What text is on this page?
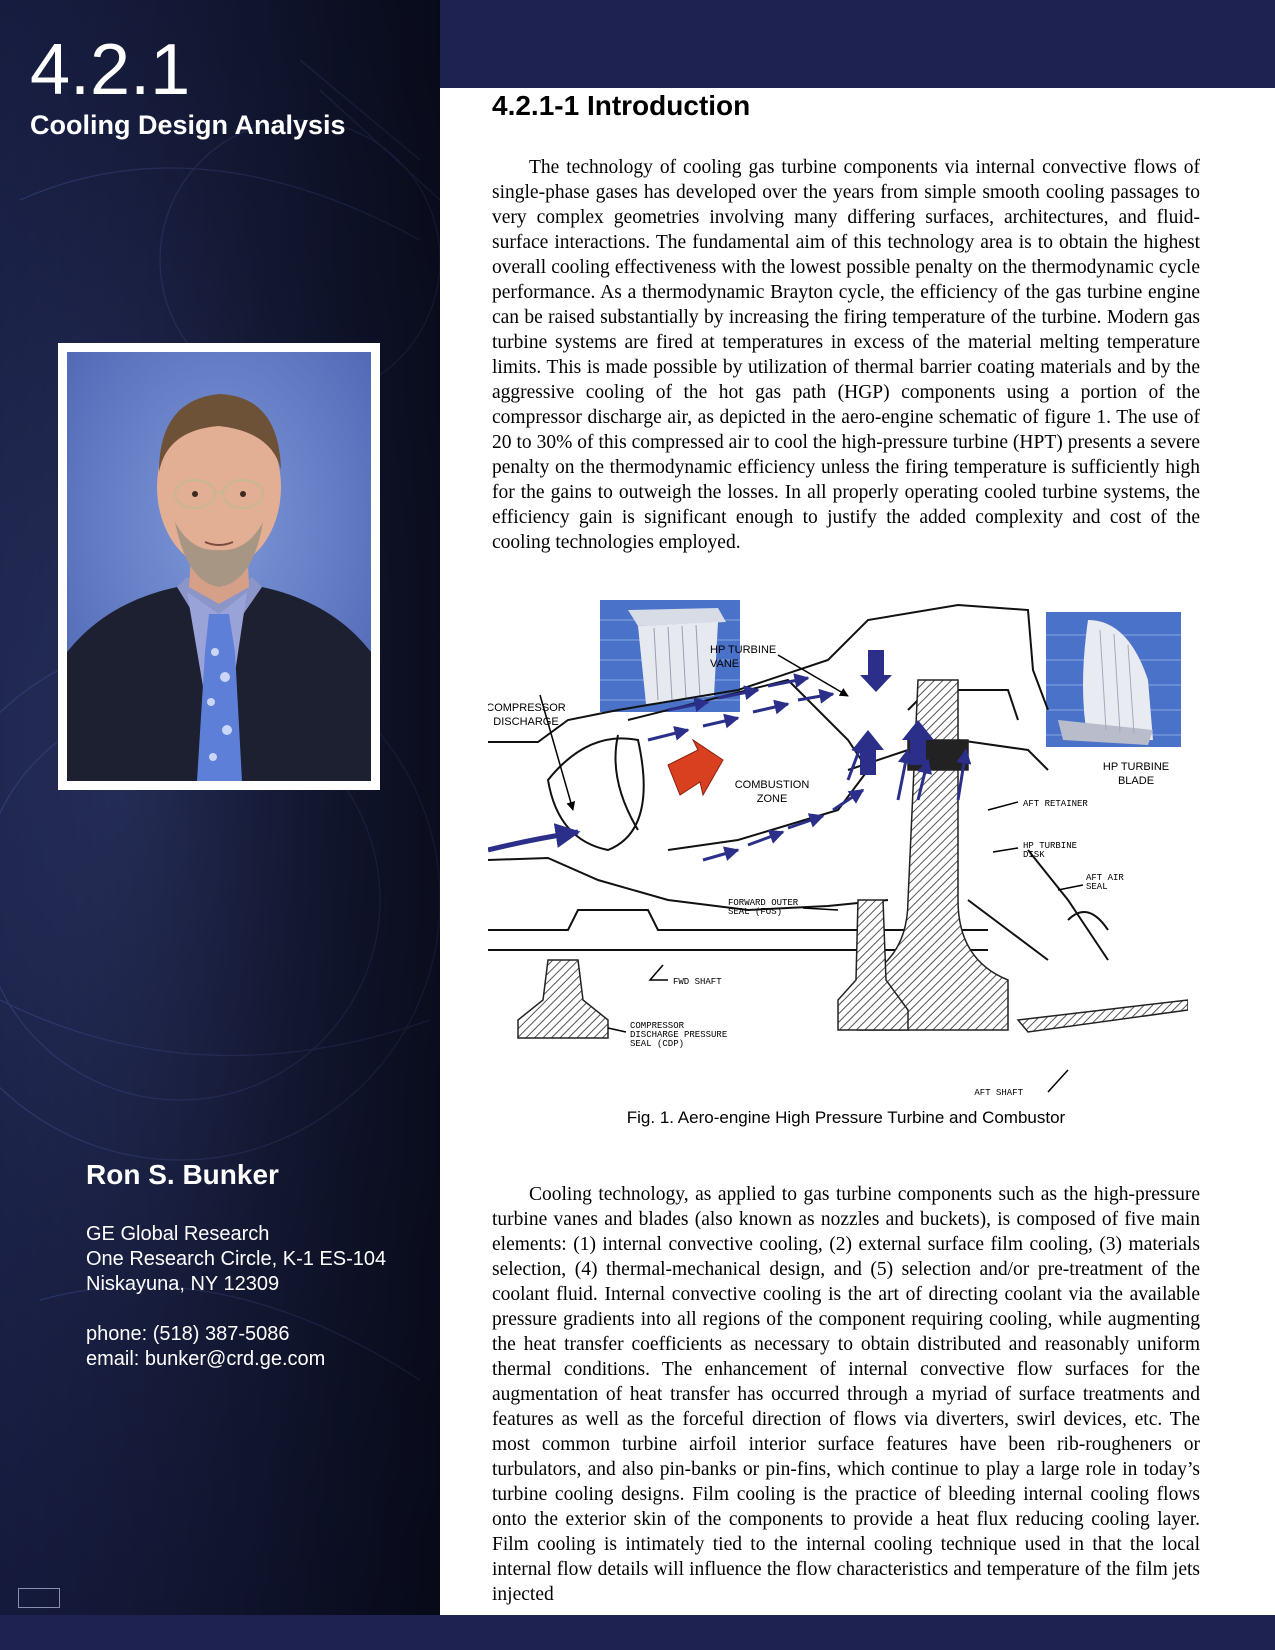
4.2.1
Cooling Design Analysis
Ron S. Bunker
GE Global Research
One Research Circle, K-1 ES-104
Niskayuna, NY 12309
phone: (518) 387-5086
email: bunker@crd.ge.com
4.2.1-1 Introduction

The technology of cooling gas turbine components via internal convective flows of single-phase gases has developed over the years from simple smooth cooling passages to very complex geometries involving many differing surfaces, architectures, and fluid-surface interactions. The fundamental aim of this technology area is to obtain the highest overall cooling effectiveness with the lowest possible penalty on the thermodynamic cycle performance. As a thermodynamic Brayton cycle, the efficiency of the gas turbine engine can be raised substantially by increasing the firing temperature of the turbine. Modern gas turbine systems are fired at temperatures in excess of the material melting temperature limits. This is made possible by utilization of thermal barrier coating materials and by the aggressive cooling of the hot gas path (HGP) components using a portion of the compressor discharge air, as depicted in the aero-engine schematic of figure 1. The use of 20 to 30% of this compressed air to cool the high-pressure turbine (HPT) presents a severe penalty on the thermodynamic efficiency unless the firing temperature is sufficiently high for the gains to outweigh the losses. In all properly operating cooled turbine systems, the efficiency gain is significant enough to justify the added complexity and cost of the cooling technologies employed.

COMPRESSOR
DISCHARGE
HP TURBINE
VANE
COMBUSTION
ZONE
HP TURBINE
BLADE
AFT RETAINER
HP TURBINE
DISK
AFT AIR
SEAL
FORWARD OUTER
SEAL (FOS)
FWD SHAFT
COMPRESSOR
DISCHARGE PRESSURE
SEAL (CDP)
AFT SHAFT
Fig. 1. Aero-engine High Pressure Turbine and Combustor

Cooling technology, as applied to gas turbine components such as the high-pressure turbine vanes and blades (also known as nozzles and buckets), is composed of five main elements: (1) internal convective cooling, (2) external surface film cooling, (3) materials selection, (4) thermal-mechanical design, and (5) selection and/or pre-treatment of the coolant fluid. Internal convective cooling is the art of directing coolant via the available pressure gradients into all regions of the component requiring cooling, while augmenting the heat transfer coefficients as necessary to obtain distributed and reasonably uniform thermal conditions. The enhancement of internal convective flow surfaces for the augmentation of heat transfer has occurred through a myriad of surface treatments and features as well as the forceful direction of flows via diverters, swirl devices, etc. The most common turbine airfoil interior surface features have been rib-rougheners or turbulators, and also pin-banks or pin-fins, which continue to play a large role in today’s turbine cooling designs. Film cooling is the practice of bleeding internal cooling flows onto the exterior skin of the components to provide a heat flux reducing cooling layer. Film cooling is intimately tied to the internal cooling technique used in that the local internal flow details will influence the flow characteristics and temperature of the film jets injected
